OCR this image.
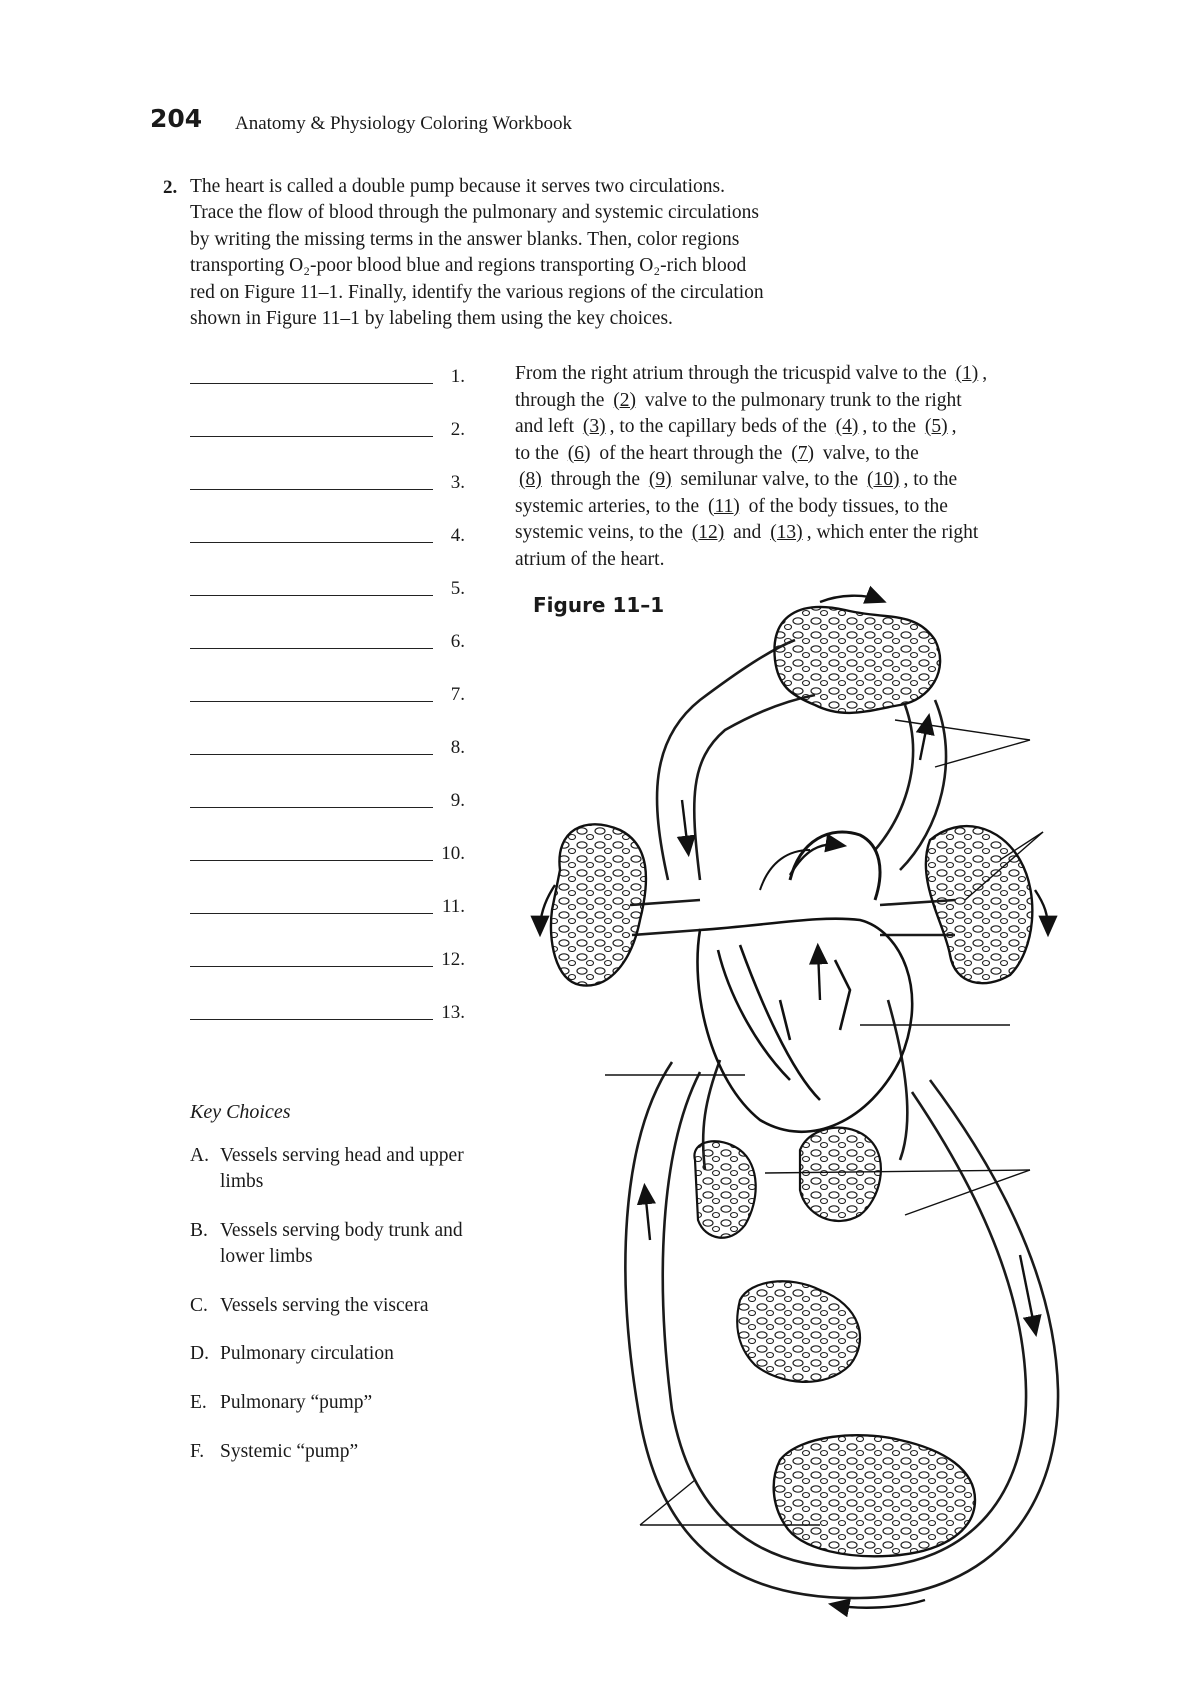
204 Anatomy & Physiology Coloring Workbook
2. The heart is called a double pump because it serves two circulations.
Trace the flow of blood through the pulmonary and systemic circulations
by writing the missing terms in the answer blanks. Then, color regions
transporting O₂-poor blood blue and regions transporting O₂-rich blood
red on Figure 11–1. Finally, identify the various regions of the circulation
shown in Figure 11–1 by labeling them using the key choices.
1.
2.
3.
4.
5.
6.
7.
8.
9.
10.
11.
12.
13.
From the right atrium through the tricuspid valve to the (1) ,
through the (2) valve to the pulmonary trunk to the right
and left (3) , to the capillary beds of the (4) , to the (5) ,
to the (6) of the heart through the (7) valve, to the
(8) through the (9) semilunar valve, to the (10) , to the
systemic arteries, to the (11) of the body tissues, to the
systemic veins, to the (12) and (13) , which enter the right
atrium of the heart.
Figure 11–1
Key Choices
A. Vessels serving head and upper limbs
B. Vessels serving body trunk and lower limbs
C. Vessels serving the viscera
D. Pulmonary circulation
E. Pulmonary “pump”
F. Systemic “pump”
